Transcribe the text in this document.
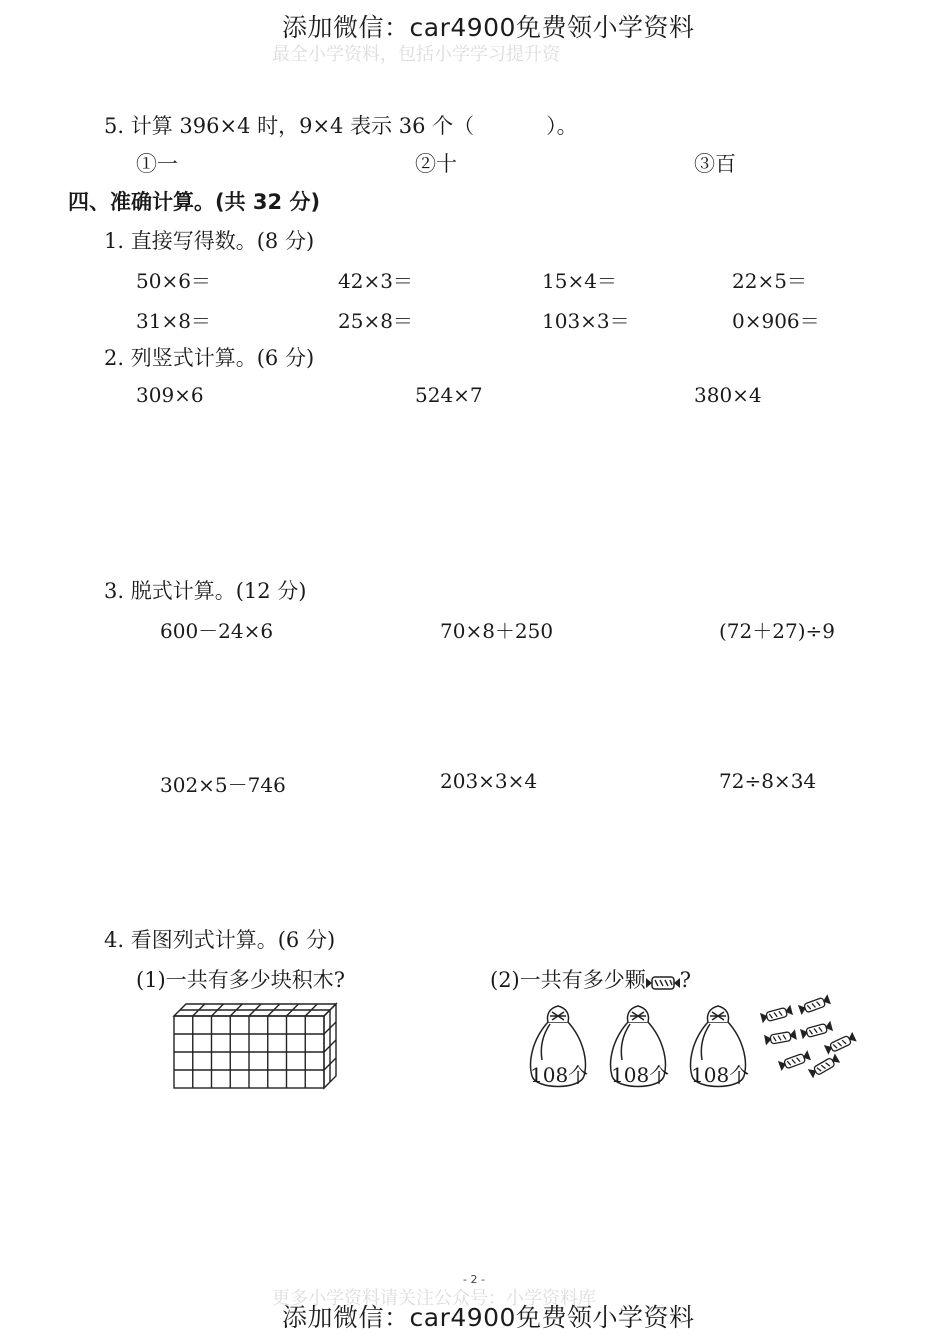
添加微信：car4900免费领小学资料
最全小学资料，包括小学学习提升资
5. 计算 396×4 时，9×4 表示 36 个（	）。
①一	②十	③百
四、准确计算。(共 32 分)
1. 直接写得数。(8 分)
50×6＝	42×3＝	15×4＝	22×5＝
31×8＝	25×8＝	103×3＝	0×906＝
2. 列竖式计算。(6 分)
309×6	524×7	380×4
3. 脱式计算。(12 分)
600－24×6	70×8＋250	(72＋27)÷9
302×5－746	203×3×4	72÷8×34
4. 看图列式计算。(6 分)
(1)一共有多少块积木?	(2)一共有多少颗 ?
108个 108个 108个
- 2 -
更多小学资料请关注公众号：小学资料库
添加微信：car4900免费领小学资料
